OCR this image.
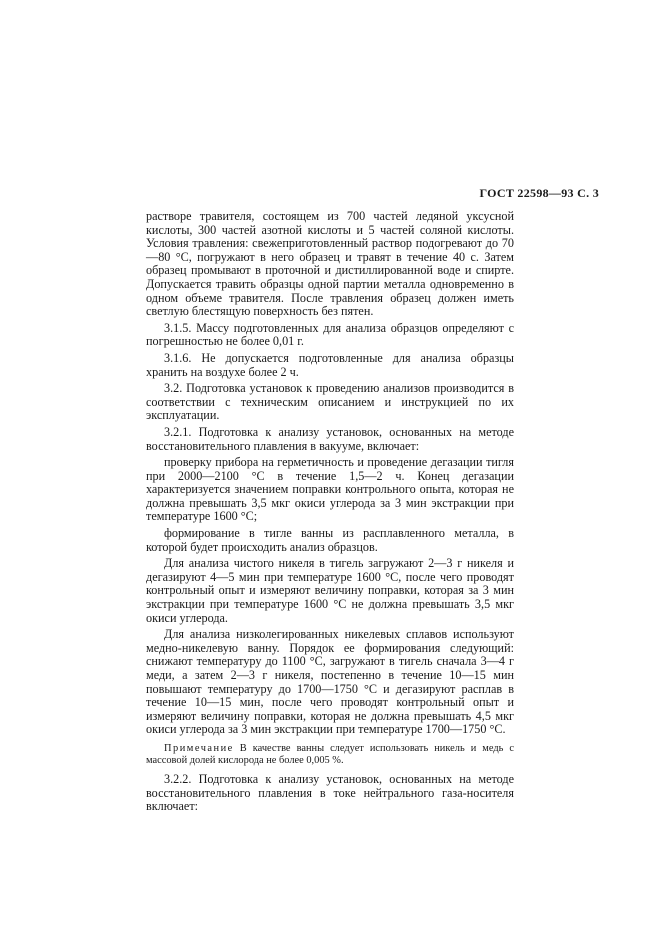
ГОСТ 22598—93 С. 3

растворе травителя, состоящем из 700 частей ледяной уксусной кислоты, 300 частей азотной кислоты и 5 частей соляной кислоты. Условия травления: свежеприготовленный раствор подогревают до 70—80 °С, погружают в него образец и травят в течение 40 с. Затем образец промывают в проточной и дистиллированной воде и спирте. Допускается травить образцы одной партии металла одновременно в одном объеме травителя. После травления образец должен иметь светлую блестящую поверхность без пятен.

3.1.5. Массу подготовленных для анализа образцов определяют с погрешностью не более 0,01 г.

3.1.6. Не допускается подготовленные для анализа образцы хранить на воздухе более 2 ч.

3.2. Подготовка установок к проведению анализов производится в соответствии с техническим описанием и инструкцией по их эксплуатации.

3.2.1. Подготовка к анализу установок, основанных на методе восстановительного плавления в вакууме, включает:

проверку прибора на герметичность и проведение дегазации тигля при 2000—2100 °С в течение 1,5—2 ч. Конец дегазации характеризуется значением поправки контрольного опыта, которая не должна превышать 3,5 мкг окиси углерода за 3 мин экстракции при температуре 1600 °С;

формирование в тигле ванны из расплавленного металла, в которой будет происходить анализ образцов.

Для анализа чистого никеля в тигель загружают 2—3 г никеля и дегазируют 4—5 мин при температуре 1600 °С, после чего проводят контрольный опыт и измеряют величину поправки, которая за 3 мин экстракции при температуре 1600 °С не должна превышать 3,5 мкг окиси углерода.

Для анализа низколегированных никелевых сплавов используют медно-никелевую ванну. Порядок ее формирования следующий: снижают температуру до 1100 °С, загружают в тигель сначала 3—4 г меди, а затем 2—3 г никеля, постепенно в течение 10—15 мин повышают температуру до 1700—1750 °С и дегазируют расплав в течение 10—15 мин, после чего проводят контрольный опыт и измеряют величину поправки, которая не должна превышать 4,5 мкг окиси углерода за 3 мин экстракции при температуре 1700—1750 °С.

Примечание В качестве ванны следует использовать никель и медь с массовой долей кислорода не более 0,005 %.

3.2.2. Подготовка к анализу установок, основанных на методе восстановительного плавления в токе нейтрального газа-носителя включает:
